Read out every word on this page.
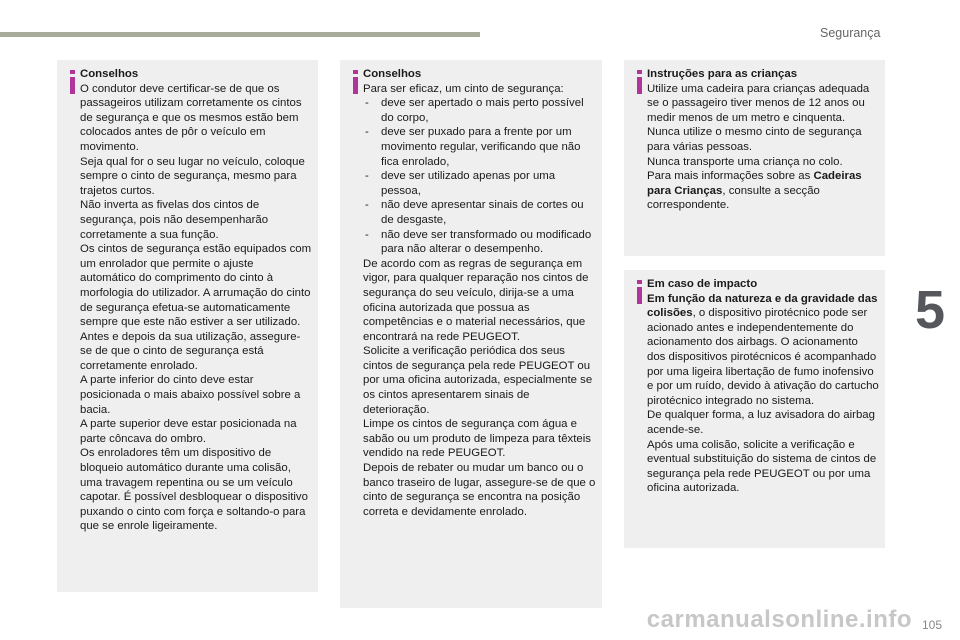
Segurança
5

Conselhos

O condutor deve certificar-se de que os passageiros utilizam corretamente os cintos de segurança e que os mesmos estão bem colocados antes de pôr o veículo em movimento.

Seja qual for o seu lugar no veículo, coloque sempre o cinto de segurança, mesmo para trajetos curtos.

Não inverta as fivelas dos cintos de segurança, pois não desempenharão corretamente a sua função.

Os cintos de segurança estão equipados com um enrolador que permite o ajuste automático do comprimento do cinto à morfologia do utilizador. A arrumação do cinto de segurança efetua-se automaticamente sempre que este não estiver a ser utilizado.

Antes e depois da sua utilização, assegure-se de que o cinto de segurança está corretamente enrolado.

A parte inferior do cinto deve estar posicionada o mais abaixo possível sobre a bacia.

A parte superior deve estar posicionada na parte côncava do ombro.

Os enroladores têm um dispositivo de bloqueio automático durante uma colisão, uma travagem repentina ou se um veículo capotar. É possível desbloquear o dispositivo puxando o cinto com força e soltando-o para que se enrole ligeiramente.

Conselhos

Para ser eficaz, um cinto de segurança:

- deve ser apertado o mais perto possível do corpo,
- deve ser puxado para a frente por um movimento regular, verificando que não fica enrolado,
- deve ser utilizado apenas por uma pessoa,
- não deve apresentar sinais de cortes ou de desgaste,
- não deve ser transformado ou modificado para não alterar o desempenho.

De acordo com as regras de segurança em vigor, para qualquer reparação nos cintos de segurança do seu veículo, dirija-se a uma oficina autorizada que possua as competências e o material necessários, que encontrará na rede PEUGEOT.

Solicite a verificação periódica dos seus cintos de segurança pela rede PEUGEOT ou por uma oficina autorizada, especialmente se os cintos apresentarem sinais de deterioração.

Limpe os cintos de segurança com água e sabão ou um produto de limpeza para têxteis vendido na rede PEUGEOT.

Depois de rebater ou mudar um banco ou o banco traseiro de lugar, assegure-se de que o cinto de segurança se encontra na posição correta e devidamente enrolado.

Instruções para as crianças

Utilize uma cadeira para crianças adequada se o passageiro tiver menos de 12 anos ou medir menos de um metro e cinquenta.

Nunca utilize o mesmo cinto de segurança para várias pessoas.

Nunca transporte uma criança no colo.

Para mais informações sobre as Cadeiras para Crianças, consulte a secção correspondente.

Em caso de impacto

Em função da natureza e da gravidade das colisões, o dispositivo pirotécnico pode ser acionado antes e independentemente do acionamento dos airbags. O acionamento dos dispositivos pirotécnicos é acompanhado por uma ligeira libertação de fumo inofensivo e por um ruído, devido à ativação do cartucho pirotécnico integrado no sistema.

De qualquer forma, a luz avisadora do airbag acende-se.

Após uma colisão, solicite a verificação e eventual substituição do sistema de cintos de segurança pela rede PEUGEOT ou por uma oficina autorizada.

carmanualsonline.info 105
